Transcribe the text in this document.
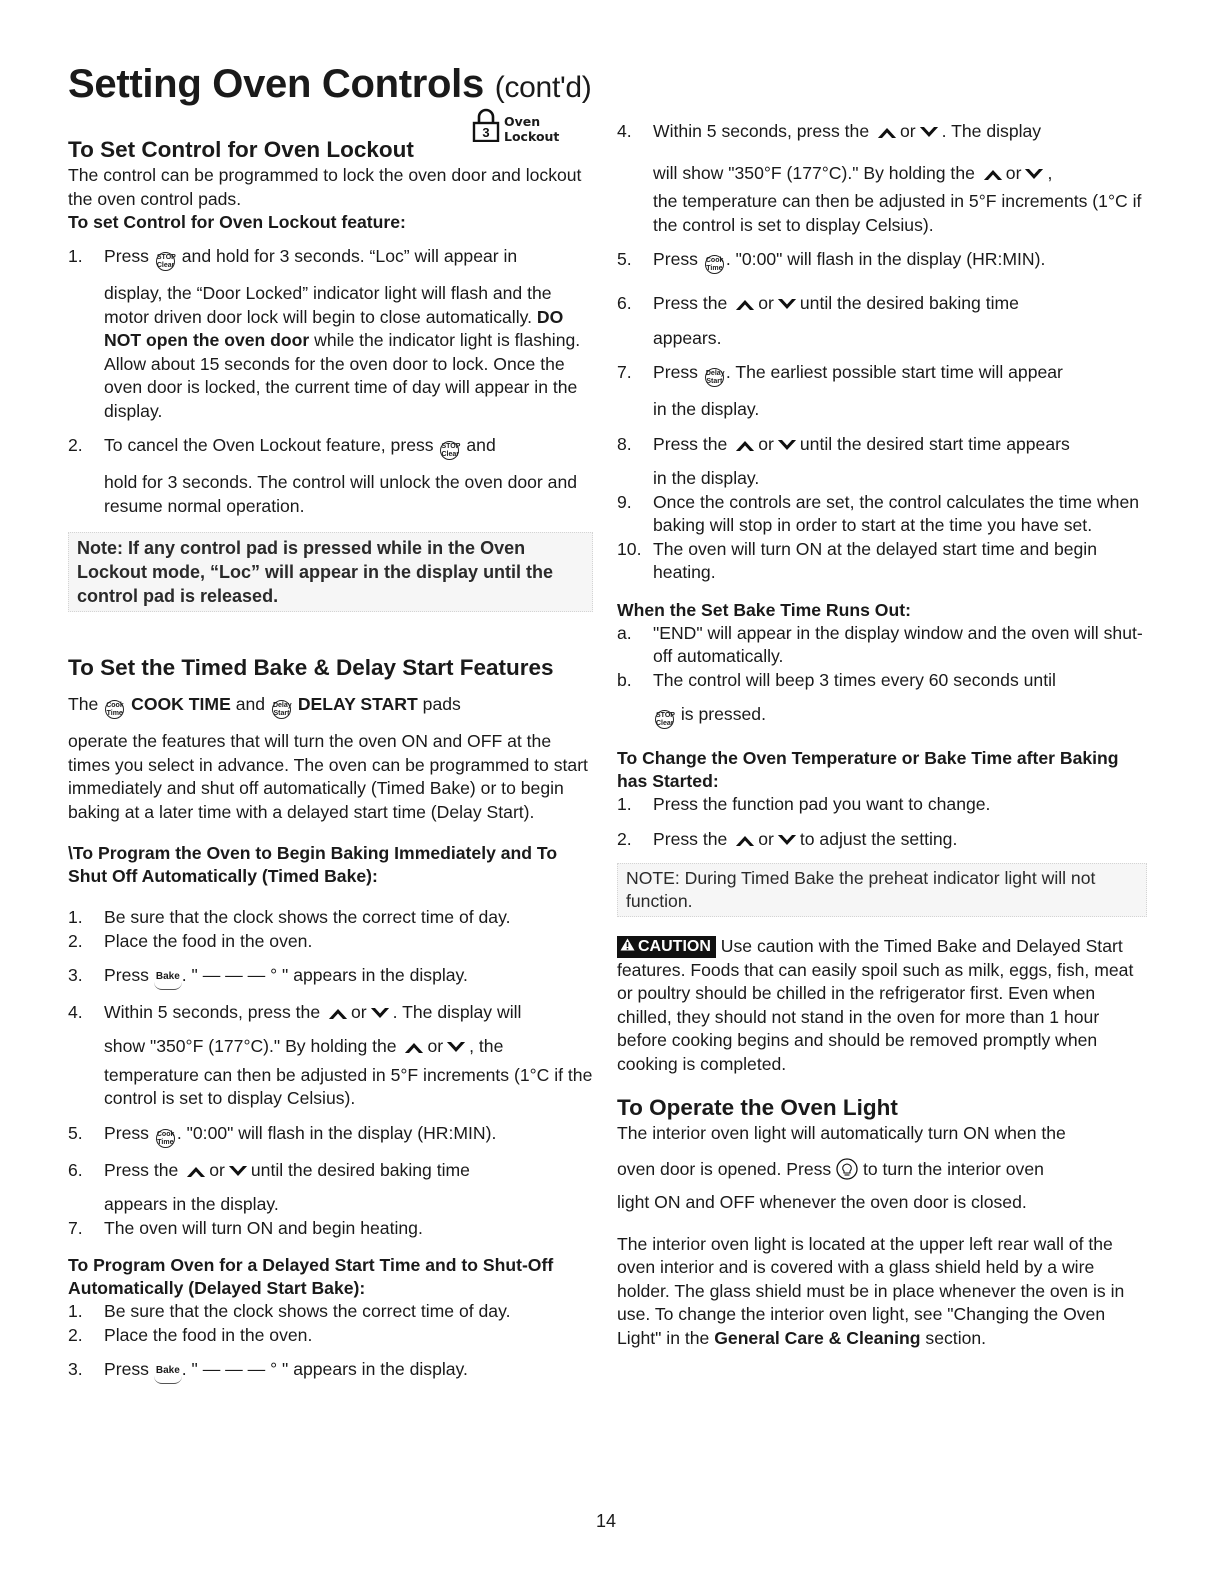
Setting Oven Controls (cont'd)
To Set Control for Oven Lockout
3
Oven
Lockout

The control can be programmed to lock the oven door and lockout the oven control pads.

To set Control for Oven Lockout feature:
1. Press STOP
Clear and hold for 3 seconds. “Loc” will appear in

display, the “Door Locked” indicator light will flash and the motor driven door lock will begin to close automatically. DO NOT open the oven door while the indicator light is flashing. Allow about 15 seconds for the oven door to lock. Once the oven door is locked, the current time of day will appear in the display.

2. To cancel the Oven Lockout feature, press STOP
Clear and

hold for 3 seconds. The control will unlock the oven door and resume normal operation.

Note: If any control pad is pressed while in the Oven Lockout mode, “Loc” will appear in the display until the control pad is released.
To Set the Timed Bake & Delay Start Features

The Cook
Time COOK TIME and Delay
Start DELAY START pads

operate the features that will turn the oven ON and OFF at the times you select in advance. The oven can be programmed to start immediately and shut off automatically (Timed Bake) or to begin baking at a later time with a delayed start time (Delay Start).

\To Program the Oven to Begin Baking Immediately and To Shut Off Automatically (Timed Bake):
1. Be sure that the clock shows the correct time of day.
2. Place the food in the oven.
3. Press Bake . " — — — ° " appears in the display.
4. Within 5 seconds, press the or . The display will

show "350°F (177°C)." By holding the or , the

temperature can then be adjusted in 5°F increments (1°C if the control is set to display Celsius).

5. Press Cook
Time . "0:00" will flash in the display (HR:MIN).
6. Press the or until the desired baking time

appears in the display.

7. The oven will turn ON and begin heating.
To Program Oven for a Delayed Start Time and to Shut-Off Automatically (Delayed Start Bake):
1. Be sure that the clock shows the correct time of day.
2. Place the food in the oven.
3. Press Bake . " — — — ° " appears in the display.
4. Within 5 seconds, press the or . The display

will show "350°F (177°C)." By holding the or ,

the temperature can then be adjusted in 5°F increments (1°C if the control is set to display Celsius).

5. Press Cook
Time . "0:00" will flash in the display (HR:MIN).
6. Press the or until the desired baking time

appears.

7. Press Delay
Start . The earliest possible start time will appear

in the display.

8. Press the or until the desired start time appears

in the display.

9. Once the controls are set, the control calculates the time when baking will stop in order to start at the time you have set.
10. The oven will turn ON at the delayed start time and begin heating.
When the Set Bake Time Runs Out:
a. "END" will appear in the display window and the oven will shut-off automatically.
b. The control will beep 3 times every 60 seconds until

STOP
Clear is pressed.

To Change the Oven Temperature or Bake Time after Baking has Started:
1. Press the function pad you want to change.
2. Press the or to adjust the setting.
NOTE: During Timed Bake the preheat indicator light will not function.

CAUTION Use caution with the Timed Bake and Delayed Start features. Foods that can easily spoil such as milk, eggs, fish, meat or poultry should be chilled in the refrigerator first. Even when chilled, they should not stand in the oven for more than 1 hour before cooking begins and should be removed promptly when cooking is completed.

To Operate the Oven Light

The interior oven light will automatically turn ON when the
oven door is opened. Press to turn the interior oven
light ON and OFF whenever the oven door is closed.

The interior oven light is located at the upper left rear wall of the oven interior and is covered with a glass shield held by a wire holder. The glass shield must be in place whenever the oven is in use. To change the interior oven light, see "Changing the Oven Light" in the General Care & Cleaning section.

14
